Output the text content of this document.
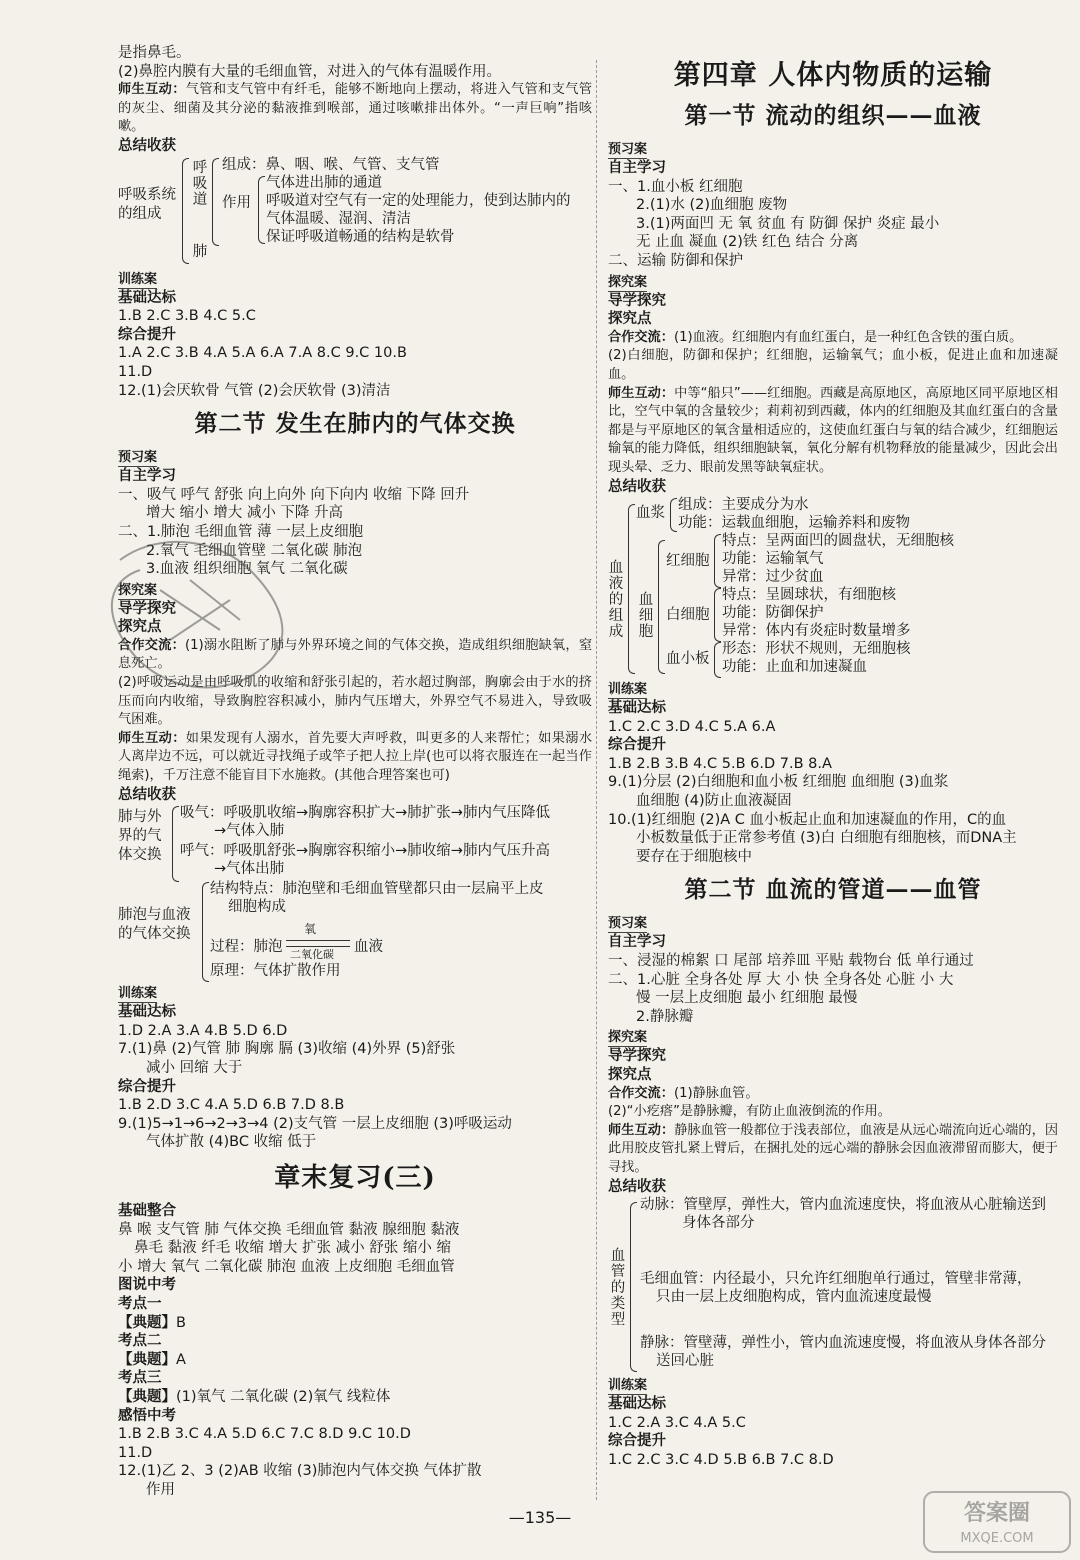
是指鼻毛。
(2)鼻腔内膜有大量的毛细血管，对进入的气体有温暖作用。
师生互动：气管和支气管中有纤毛，能够不断地向上摆动，将进入气管和支气管的灰尘、细菌及其分泌的黏液推到喉部，通过咳嗽排出体外。“一声巨响”指咳嗽。
总结收获
呼吸系统的组成
呼吸道
肺
组成：鼻、咽、喉、气管、支气管
作用
气体进出肺的通道
呼吸道对空气有一定的处理能力，使到达肺内的
气体温暖、湿润、清洁
保证呼吸道畅通的结构是软骨
训练案
基础达标
1.B 2.C 3.B 4.C 5.C
综合提升
1.A 2.C 3.B 4.A 5.A 6.A 7.A 8.C 9.C 10.B
11.D
12.(1)会厌软骨 气管 (2)会厌软骨 (3)清洁
第二节 发生在肺内的气体交换
预习案
自主学习
一、吸气 呼气 舒张 向上向外 向下向内 收缩 下降 回升
增大 缩小 增大 减小 下降 升高
二、1.肺泡 毛细血管 薄 一层上皮细胞
2.氧气 毛细血管壁 二氧化碳 肺泡
3.血液 组织细胞 氧气 二氧化碳
探究案
导学探究
探究点
合作交流：(1)溺水阻断了肺与外界环境之间的气体交换，造成组织细胞缺氧，窒息死亡。
(2)呼吸运动是由呼吸肌的收缩和舒张引起的，若水超过胸部，胸廓会由于水的挤压而向内收缩，导致胸腔容积减小，肺内气压增大，外界空气不易进入，导致吸气困难。
师生互动：如果发现有人溺水，首先要大声呼救，叫更多的人来帮忙；如果溺水人离岸边不远，可以就近寻找绳子或竿子把人拉上岸(也可以将衣服连在一起当作绳索)，千万注意不能盲目下水施救。(其他合理答案也可)
总结收获
肺与外界的气体交换
吸气：呼吸肌收缩→胸廓容积扩大→肺扩张→肺内气压降低
→气体入肺
呼气：呼吸肌舒张→胸廓容积缩小→肺收缩→肺内气压升高
→气体出肺
肺泡与血液的气体交换
结构特点：肺泡壁和毛细血管壁都只由一层扁平上皮
细胞构成
过程：肺泡
氧
二氧化碳 血液
原理：气体扩散作用
训练案
基础达标
1.D 2.A 3.A 4.B 5.D 6.D
7.(1)鼻 (2)气管 肺 胸廓 膈 (3)收缩 (4)外界 (5)舒张
减小 回缩 大于
综合提升
1.B 2.D 3.C 4.A 5.D 6.B 7.D 8.B
9.(1)5→1→6→2→3→4 (2)支气管 一层上皮细胞 (3)呼吸运动
气体扩散 (4)BC 收缩 低于
章末复习(三)
基础整合
鼻 喉 支气管 肺 气体交换 毛细血管 黏液 腺细胞 黏液
鼻毛 黏液 纤毛 收缩 增大 扩张 减小 舒张 缩小 缩
小 增大 氧气 二氧化碳 肺泡 血液 上皮细胞 毛细血管
图说中考
考点一
【典题】B
考点二
【典题】A
考点三
【典题】(1)氧气 二氧化碳 (2)氧气 线粒体
感悟中考
1.B 2.B 3.C 4.A 5.D 6.C 7.C 8.D 9.C 10.D
11.D
12.(1)乙 2、3 (2)AB 收缩 (3)肺泡内气体交换 气体扩散
作用
第四章 人体内物质的运输
第一节 流动的组织——血液
预习案
自主学习
一、1.血小板 红细胞
2.(1)水 (2)血细胞 废物
3.(1)两面凹 无 氧 贫血 有 防御 保护 炎症 最小
无 止血 凝血 (2)铁 红色 结合 分离
二、运输 防御和保护
探究案
导学探究
探究点
合作交流：(1)血液。红细胞内有血红蛋白，是一种红色含铁的蛋白质。
(2)白细胞，防御和保护；红细胞，运输氧气；血小板，促进止血和加速凝血。
师生互动：中等“船只”——红细胞。西藏是高原地区，高原地区同平原地区相比，空气中氧的含量较少；莉莉初到西藏，体内的红细胞及其血红蛋白的含量都是与平原地区的氧含量相适应的，这使血红蛋白与氧的结合减少，红细胞运输氧的能力降低，组织细胞缺氧，氧化分解有机物释放的能量减少，因此会出现头晕、乏力、眼前发黑等缺氧症状。
总结收获
血液的组成
血浆 组成：主要成分为水
功能：运载血细胞，运输养料和废物
血细胞
红细胞
特点：呈两面凹的圆盘状，无细胞核
功能：运输氧气
异常：过少贫血
白细胞
特点：呈圆球状，有细胞核
功能：防御保护
异常：体内有炎症时数量增多
血小板
形态：形状不规则，无细胞核
功能：止血和加速凝血
训练案
基础达标
1.C 2.C 3.D 4.C 5.A 6.A
综合提升
1.B 2.B 3.B 4.C 5.B 6.D 7.B 8.A
9.(1)分层 (2)白细胞和血小板 红细胞 血细胞 (3)血浆
血细胞 (4)防止血液凝固
10.(1)红细胞 (2)A C 血小板起止血和加速凝血的作用，C的血
小板数量低于正常参考值 (3)白 白细胞有细胞核，而DNA主
要存在于细胞核中
第二节 血流的管道——血管
预习案
自主学习
一、浸湿的棉絮 口 尾部 培养皿 平贴 载物台 低 单行通过
二、1.心脏 全身各处 厚 大 小 快 全身各处 心脏 小 大
慢 一层上皮细胞 最小 红细胞 最慢
2.静脉瓣
探究案
导学探究
探究点
合作交流：(1)静脉血管。
(2)“小疙瘩”是静脉瓣，有防止血液倒流的作用。
师生互动：静脉血管一般都位于浅表部位，血液是从远心端流向近心端的，因此用胶皮管扎紧上臂后，在捆扎处的远心端的静脉会因血液滞留而膨大，便于寻找。
总结收获
血管的类型
动脉：管壁厚，弹性大，管内血流速度快，将血液从心脏输送到
身体各部分
毛细血管：内径最小，只允许红细胞单行通过，管壁非常薄，
只由一层上皮细胞构成，管内血流速度最慢
静脉：管壁薄，弹性小，管内血流速度慢，将血液从身体各部分
送回心脏
训练案
基础达标
1.C 2.A 3.C 4.A 5.C
综合提升
1.C 2.C 3.C 4.D 5.B 6.B 7.C 8.D
答案圈
MXQE.COM
—135—
